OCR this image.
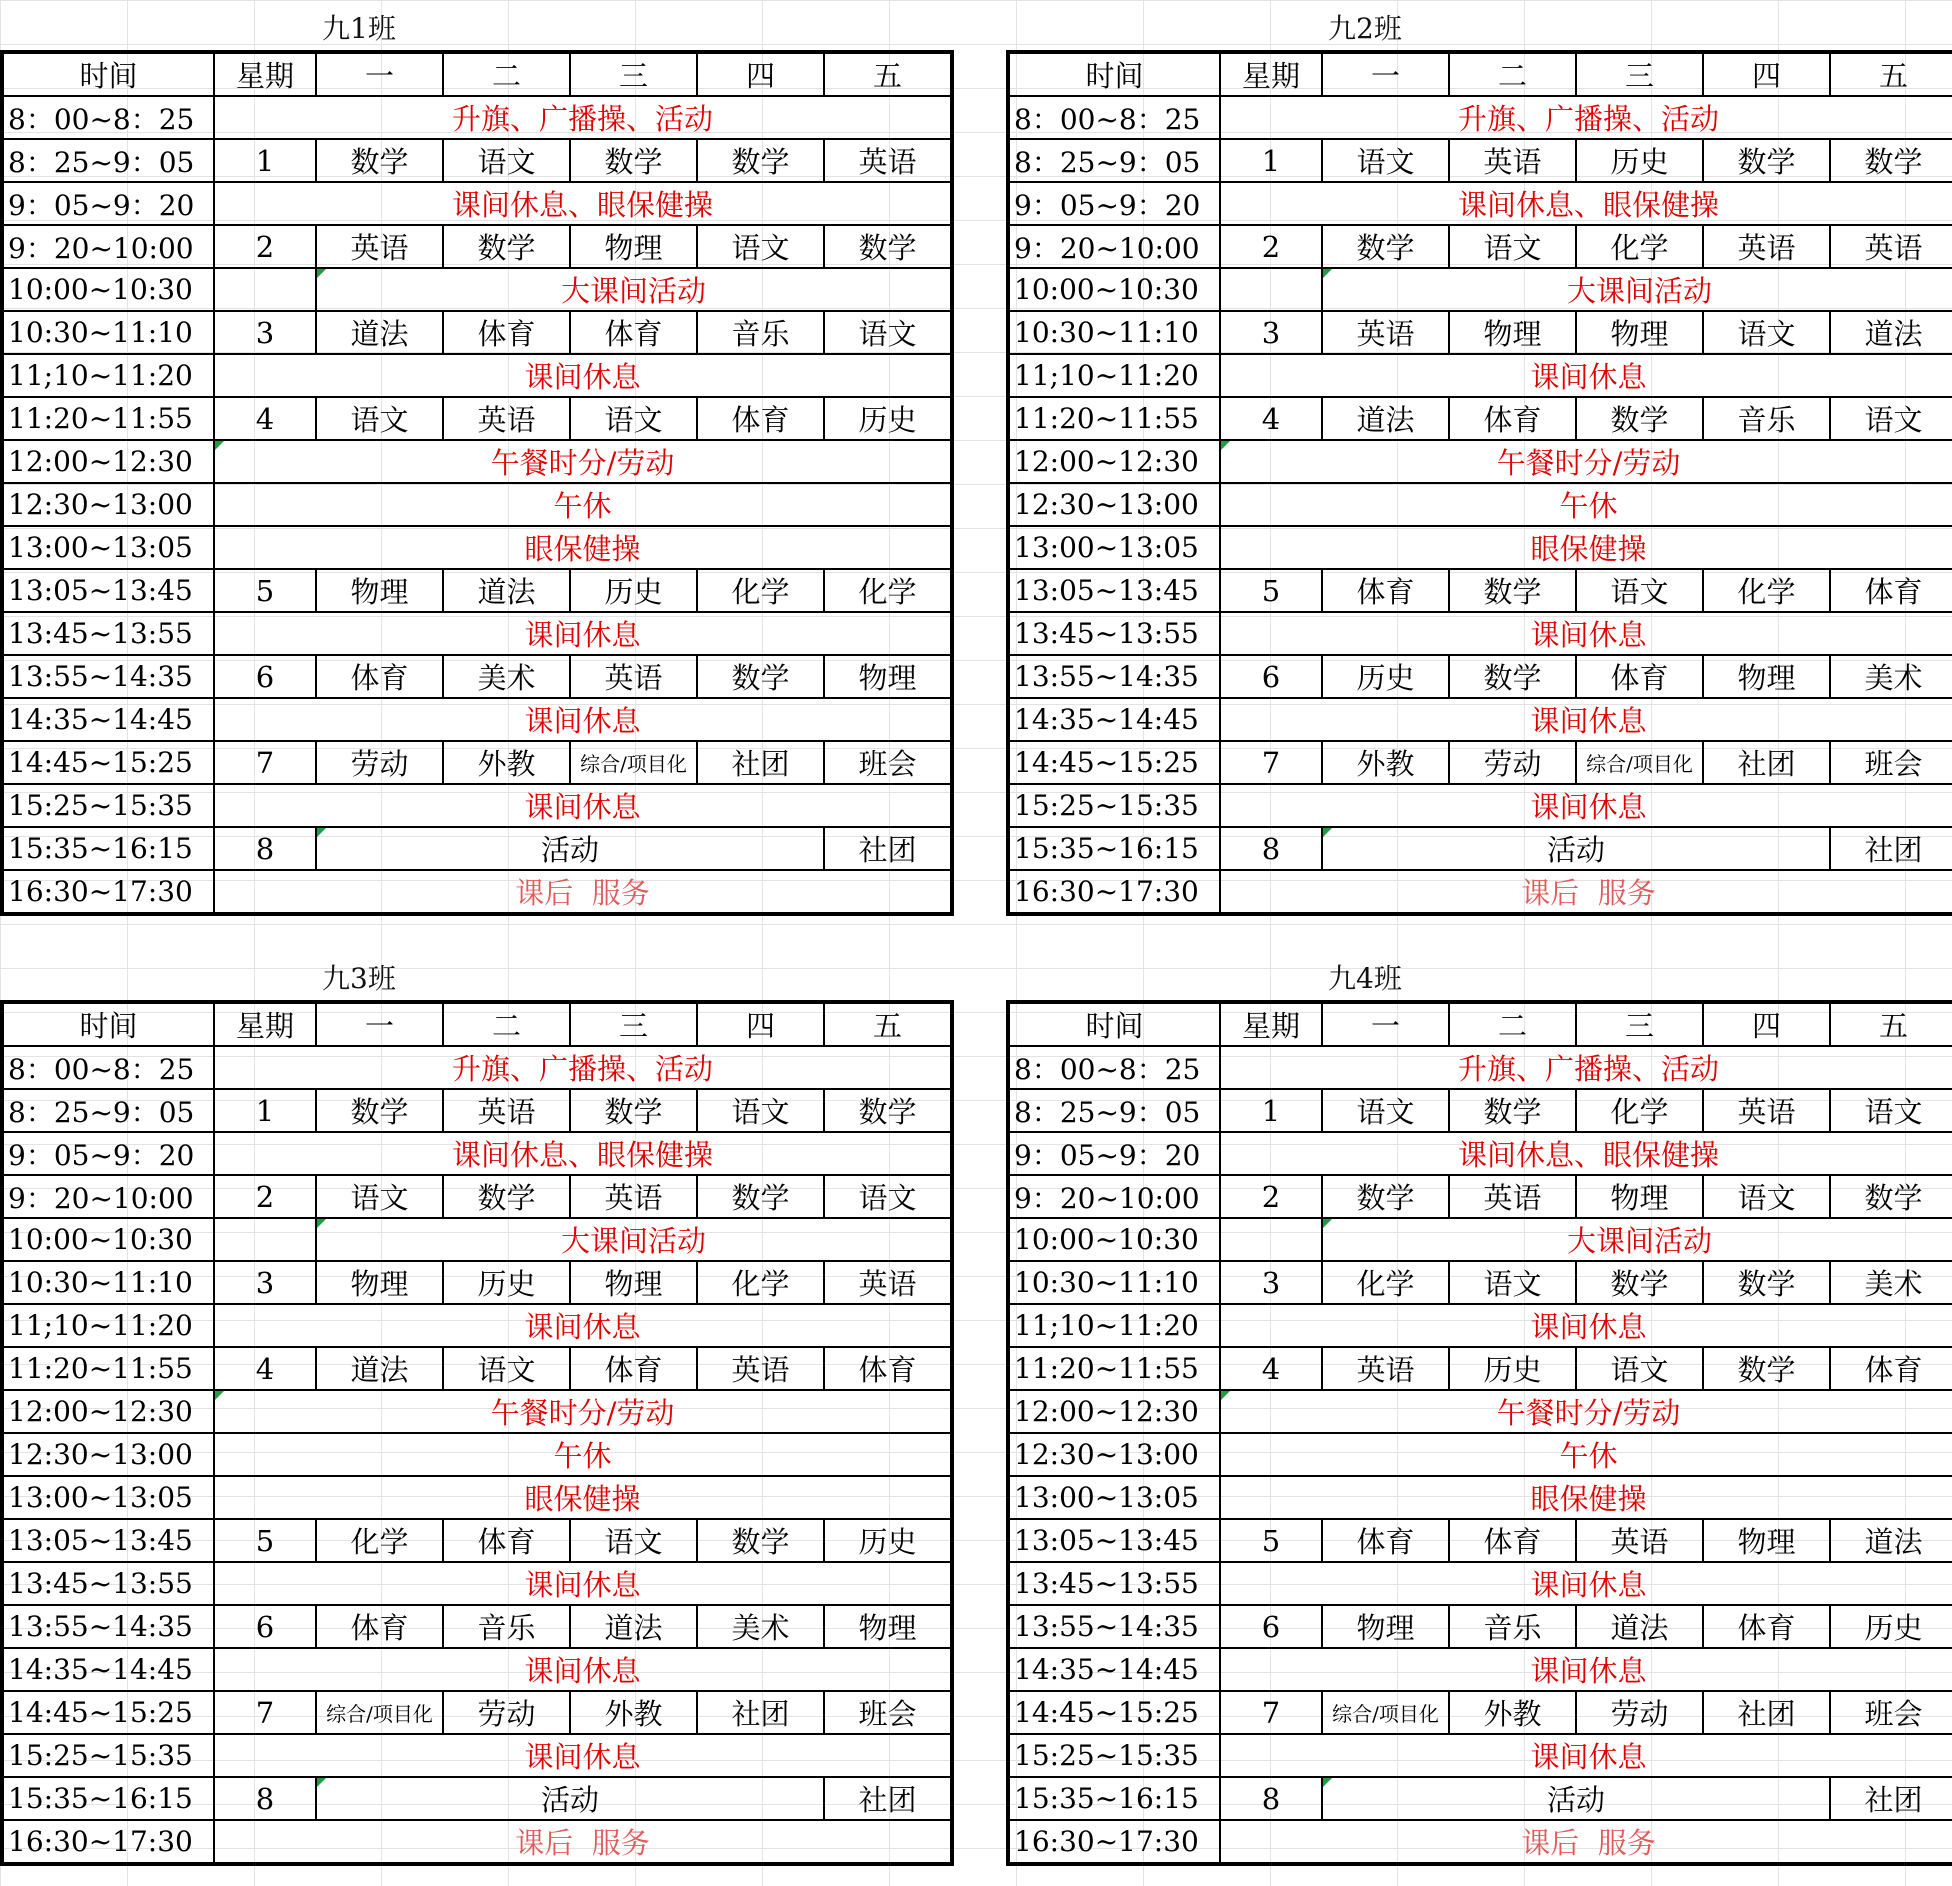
九1班
时间	星期	一	二	三	四	五
8：00~8：25	升旗、广播操、活动					
8：25~9：05	1	数学	语文	数学	数学	英语
9：05~9：20	课间休息、眼保健操					
9：20~10:00	2	英语	数学	物理	语文	数学
10:00~10:30		大课间活动				
10:30~11:10	3	道法	体育	体育	音乐	语文
11;10~11:20	课间休息					
11:20~11:55	4	语文	英语	语文	体育	历史
12:00~12:30	午餐时分/劳动					
12:30~13:00	午休					
13:00~13:05	眼保健操					
13:05~13:45	5	物理	道法	历史	化学	化学
13:45~13:55	课间休息					
13:55~14:35	6	体育	美术	英语	数学	物理
14:35~14:45	课间休息					
14:45~15:25	7	劳动	外教	综合/项目化	社团	班会
15:25~15:35	课间休息					
15:35~16:15	8	活动				社团
16:30~17:30	课后  服务					
九2班
时间	星期	一	二	三	四	五
8：00~8：25	升旗、广播操、活动					
8：25~9：05	1	语文	英语	历史	数学	数学
9：05~9：20	课间休息、眼保健操					
9：20~10:00	2	数学	语文	化学	英语	英语
10:00~10:30		大课间活动				
10:30~11:10	3	英语	物理	物理	语文	道法
11;10~11:20	课间休息					
11:20~11:55	4	道法	体育	数学	音乐	语文
12:00~12:30	午餐时分/劳动					
12:30~13:00	午休					
13:00~13:05	眼保健操					
13:05~13:45	5	体育	数学	语文	化学	体育
13:45~13:55	课间休息					
13:55~14:35	6	历史	数学	体育	物理	美术
14:35~14:45	课间休息					
14:45~15:25	7	外教	劳动	综合/项目化	社团	班会
15:25~15:35	课间休息					
15:35~16:15	8	活动				社团
16:30~17:30	课后  服务					
九3班
时间	星期	一	二	三	四	五
8：00~8：25	升旗、广播操、活动					
8：25~9：05	1	数学	英语	数学	语文	数学
9：05~9：20	课间休息、眼保健操					
9：20~10:00	2	语文	数学	英语	数学	语文
10:00~10:30		大课间活动				
10:30~11:10	3	物理	历史	物理	化学	英语
11;10~11:20	课间休息					
11:20~11:55	4	道法	语文	体育	英语	体育
12:00~12:30	午餐时分/劳动					
12:30~13:00	午休					
13:00~13:05	眼保健操					
13:05~13:45	5	化学	体育	语文	数学	历史
13:45~13:55	课间休息					
13:55~14:35	6	体育	音乐	道法	美术	物理
14:35~14:45	课间休息					
14:45~15:25	7	综合/项目化	劳动	外教	社团	班会
15:25~15:35	课间休息					
15:35~16:15	8	活动				社团
16:30~17:30	课后  服务					
九4班
时间	星期	一	二	三	四	五
8：00~8：25	升旗、广播操、活动					
8：25~9：05	1	语文	数学	化学	英语	语文
9：05~9：20	课间休息、眼保健操					
9：20~10:00	2	数学	英语	物理	语文	数学
10:00~10:30		大课间活动				
10:30~11:10	3	化学	语文	数学	数学	美术
11;10~11:20	课间休息					
11:20~11:55	4	英语	历史	语文	数学	体育
12:00~12:30	午餐时分/劳动					
12:30~13:00	午休					
13:00~13:05	眼保健操					
13:05~13:45	5	体育	体育	英语	物理	道法
13:45~13:55	课间休息					
13:55~14:35	6	物理	音乐	道法	体育	历史
14:35~14:45	课间休息					
14:45~15:25	7	综合/项目化	外教	劳动	社团	班会
15:25~15:35	课间休息					
15:35~16:15	8	活动				社团
16:30~17:30	课后  服务					
